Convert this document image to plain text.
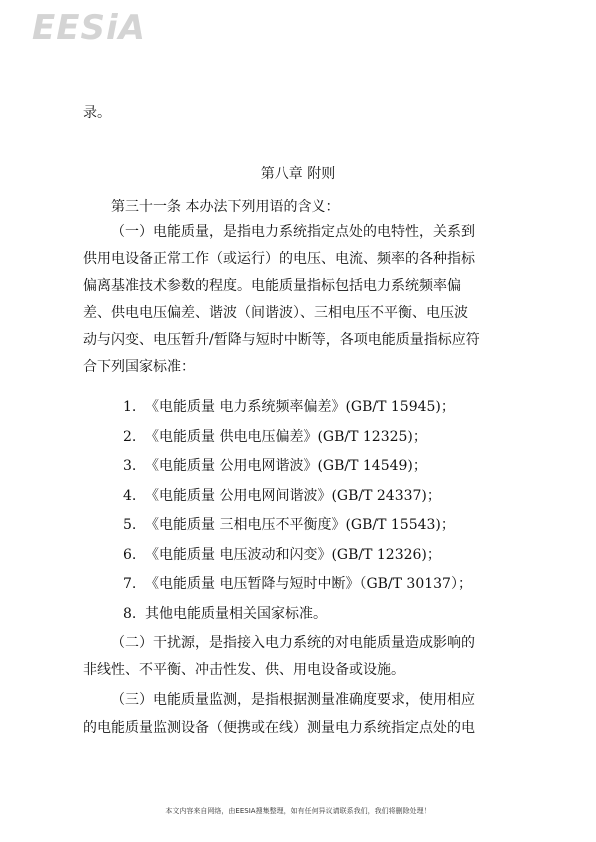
EESiA
录。
第八章 附则
第三十一条 本办法下列用语的含义：
（一）电能质量，是指电力系统指定点处的电特性，关系到
供用电设备正常工作（或运行）的电压、电流、频率的各种指标
偏离基准技术参数的程度。电能质量指标包括电力系统频率偏
差、供电电压偏差、谐波（间谐波）、三相电压不平衡、电压波
动与闪变、电压暂升/暂降与短时中断等，各项电能质量指标应符
合下列国家标准：
1. 《电能质量 电力系统频率偏差》(GB/T 15945)；
2. 《电能质量 供电电压偏差》(GB/T 12325)；
3. 《电能质量 公用电网谐波》(GB/T 14549)；
4. 《电能质量 公用电网间谐波》(GB/T 24337)；
5. 《电能质量 三相电压不平衡度》(GB/T 15543)；
6. 《电能质量 电压波动和闪变》(GB/T 12326)；
7. 《电能质量 电压暂降与短时中断》（GB/T 30137）；
8. 其他电能质量相关国家标准。
（二）干扰源，是指接入电力系统的对电能质量造成影响的
非线性、不平衡、冲击性发、供、用电设备或设施。
（三）电能质量监测，是指根据测量准确度要求，使用相应
的电能质量监测设备（便携或在线）测量电力系统指定点处的电
本文内容来自网络，由EESIA搜集整理，如有任何异议请联系我们，我们将删除处理！
